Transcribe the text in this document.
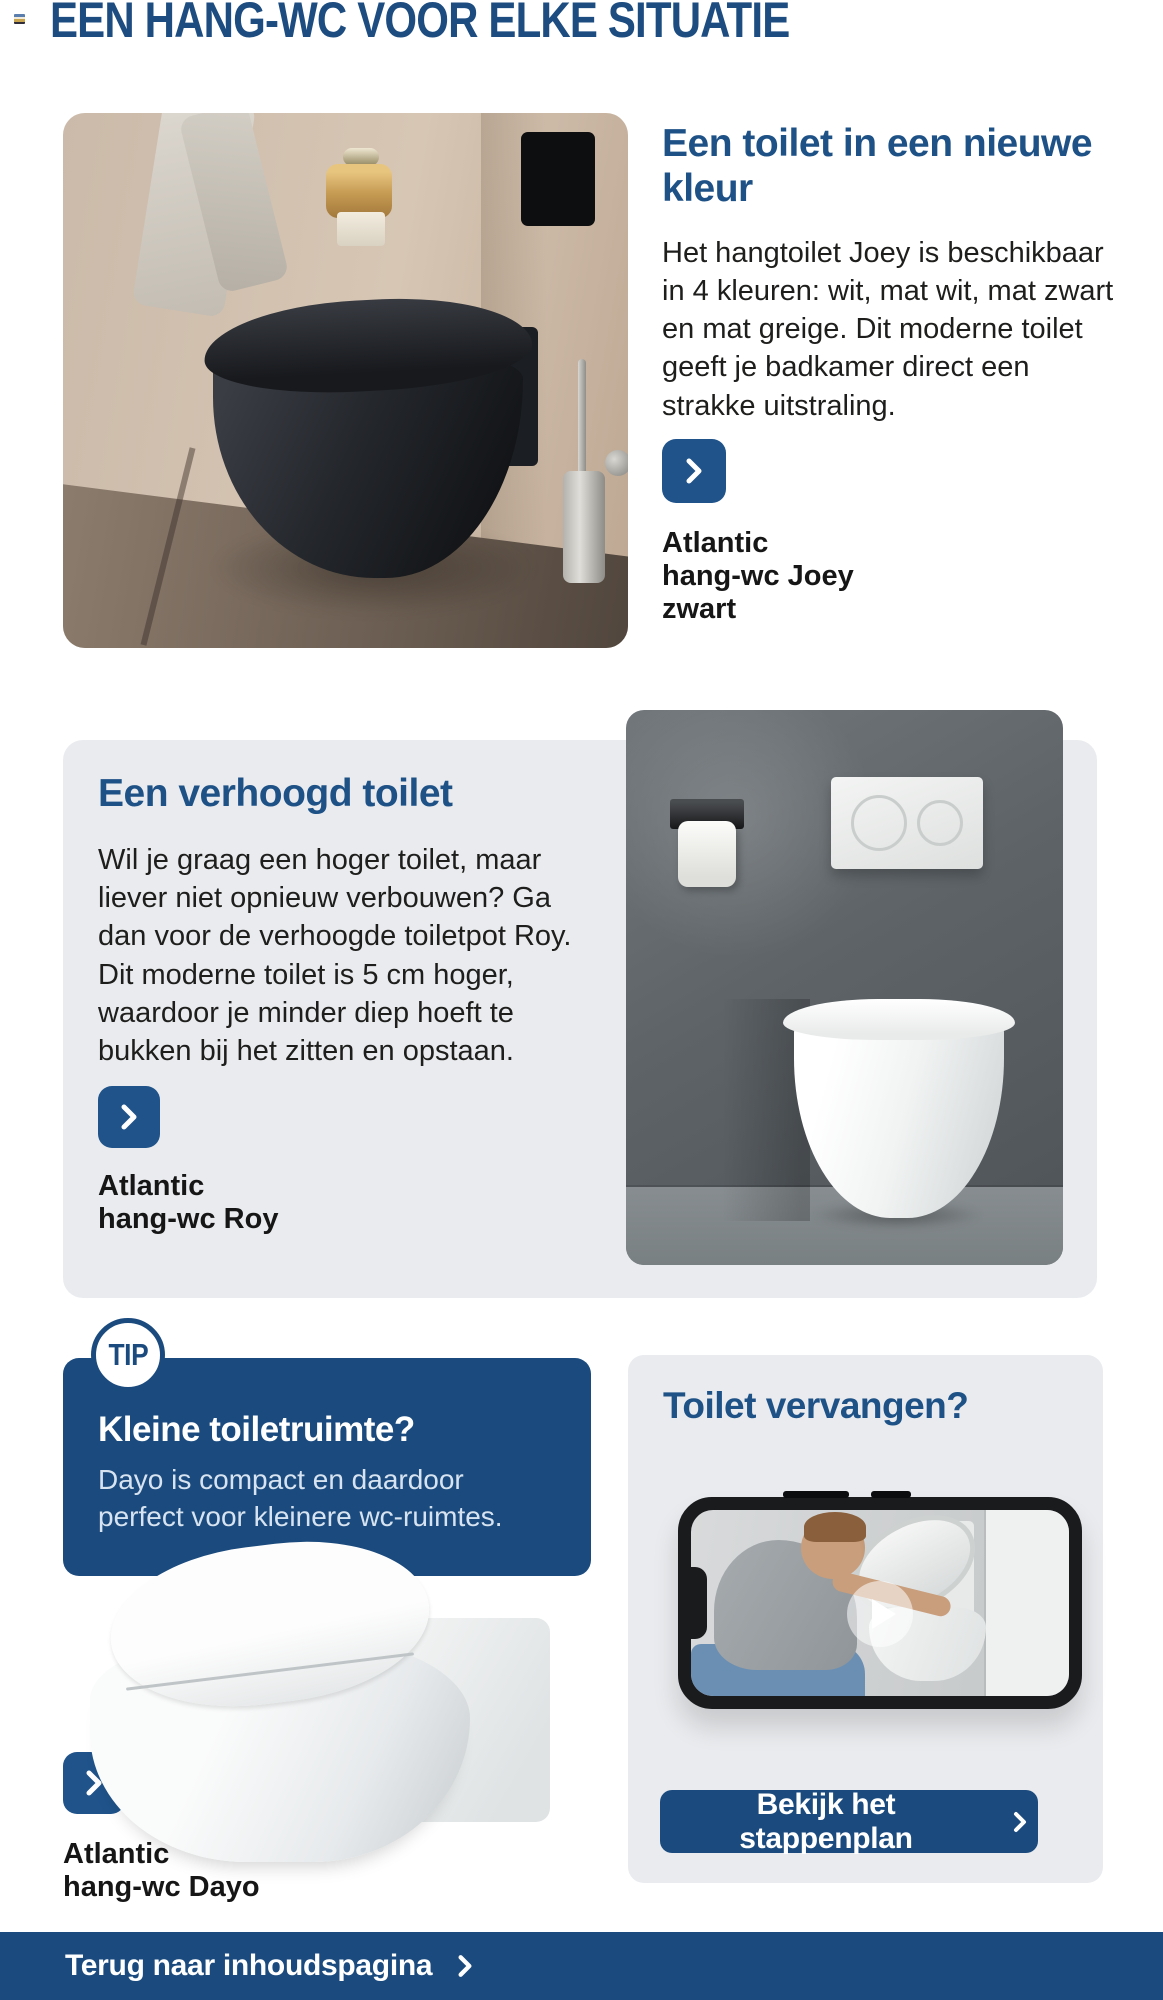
EEN HANG-WC VOOR ELKE SITUATIE
Een toilet in een nieuwe kleur
Het hangtoilet Joey is beschikbaar in 4 kleuren: wit, mat wit, mat zwart en mat greige. Dit moderne toilet geeft je badkamer direct een strakke uitstraling.
Atlantic
hang-wc Joey
zwart
Een verhoogd toilet
Wil je graag een hoger toilet, maar liever niet opnieuw verbouwen? Ga dan voor de verhoogde toiletpot Roy. Dit moderne toilet is 5 cm hoger, waardoor je minder diep hoeft te bukken bij het zitten en opstaan.
Atlantic
hang-wc Roy
TIP
Kleine toiletruimte?
Dayo is compact en daardoor perfect voor kleinere wc-ruimtes.
Atlantic
hang-wc Dayo
Toilet vervangen?
Bekijk het stappenplan
Terug naar inhoudspagina
